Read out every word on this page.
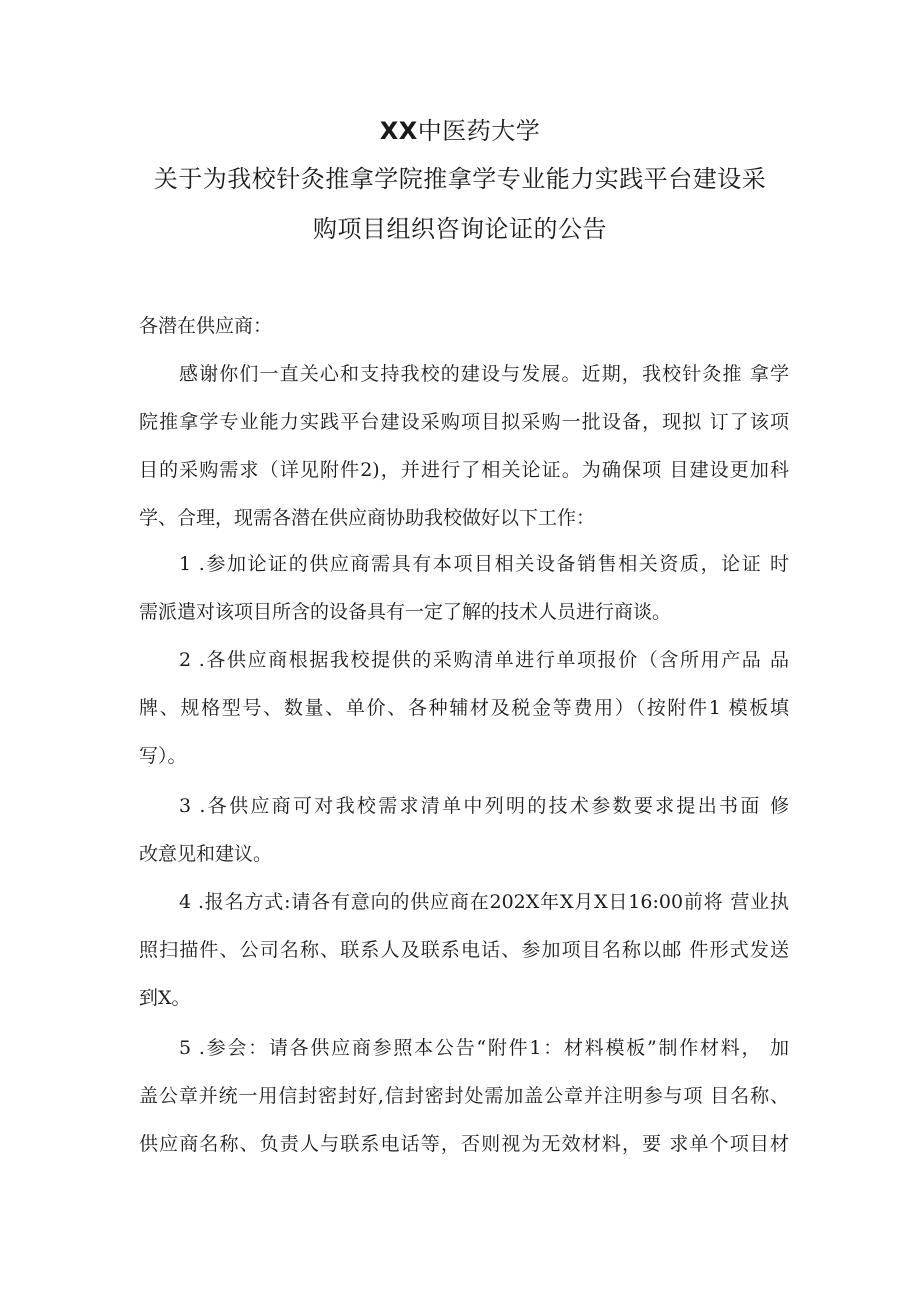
XX中医药大学
关于为我校针灸推拿学院推拿学专业能力实践平台建设采
购项目组织咨询论证的公告
各潜在供应商：
感谢你们一直关心和支持我校的建设与发展。近期，我校针灸推 拿学
院推拿学专业能力实践平台建设采购项目拟采购一批设备，现拟 订了该项
目的采购需求（详见附件2)，并进行了相关论证。为确保项 目建设更加科
学、合理，现需各潜在供应商协助我校做好以下工作：
1 .参加论证的供应商需具有本项目相关设备销售相关资质，论证 时
需派遣对该项目所含的设备具有一定了解的技术人员进行商谈。
2 .各供应商根据我校提供的采购清单进行单项报价（含所用产品 品
牌、规格型号、数量、单价、各种辅材及税金等费用）（按附件1 模板填
写）。
3 .各供应商可对我校需求清单中列明的技术参数要求提出书面 修
改意见和建议。
4 .报名方式:请各有意向的供应商在202X年X月X日16:00前将 营业执
照扫描件、公司名称、联系人及联系电话、参加项目名称以邮 件形式发送
到X。
5 .参会：请各供应商参照本公告“附件1：材料模板”制作材料， 加
盖公章并统一用信封密封好,信封密封处需加盖公章并注明参与项 目名称、
供应商名称、负责人与联系电话等，否则视为无效材料，要 求单个项目材
